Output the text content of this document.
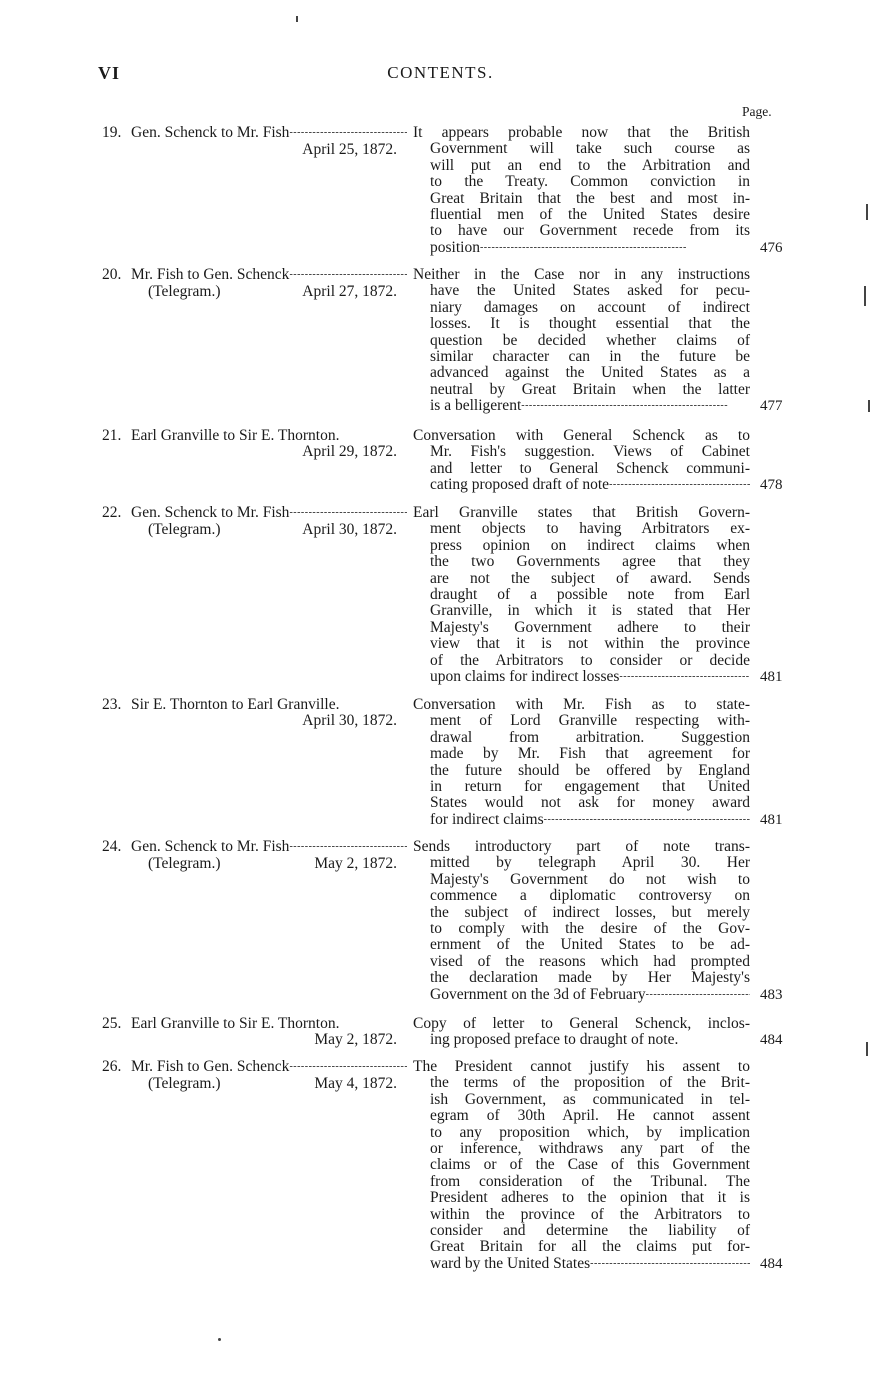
VI	CONTENTS.
Page.
19. Gen. Schenck to Mr. Fish
- - -
April 25, 1872.
It appears probable now that the British
Government will take such course as
will put an end to the Arbitration and
to the Treaty. Common conviction in
Great Britain that the best and most in-
fluential men of the United States desire
to have our Government recede from its
position - - -	476
20. Mr. Fish to Gen. Schenck
- - -
(Telegram.)	April 27, 1872.
Neither in the Case nor in any instructions
have the United States asked for pecu-
niary damages on account of indirect
losses. It is thought essential that the
question be decided whether claims of
similar character can in the future be
advanced against the United States as a
neutral by Great Britain when the latter
is a belligerent - - -	477
21. Earl Granville to Sir E. Thornton.
April 29, 1872.
Conversation with General Schenck as to
Mr. Fish's suggestion. Views of Cabinet
and letter to General Schenck communi-
cating proposed draft of note - - -	478
22. Gen. Schenck to Mr. Fish
- - -
(Telegram.)	April 30, 1872.
Earl Granville states that British Govern-
ment objects to having Arbitrators ex-
press opinion on indirect claims when
the two Governments agree that they
are not the subject of award. Sends
draught of a possible note from Earl
Granville, in which it is stated that Her
Majesty's Government adhere to their
view that it is not within the province
of the Arbitrators to consider or decide
upon claims for indirect losses - - -	481
23. Sir E. Thornton to Earl Granville.
April 30, 1872.
Conversation with Mr. Fish as to state-
ment of Lord Granville respecting with-
drawal from arbitration. Suggestion
made by Mr. Fish that agreement for
the future should be offered by England
in return for engagement that United
States would not ask for money award
for indirect claims - - -	481
24. Gen. Schenck to Mr. Fish
- - -
(Telegram.)	May 2, 1872.
Sends introductory part of note trans-
mitted by telegraph April 30. Her
Majesty's Government do not wish to
commence a diplomatic controversy on
the subject of indirect losses, but merely
to comply with the desire of the Gov-
ernment of the United States to be ad-
vised of the reasons which had prompted
the declaration made by Her Majesty's
Government on the 3d of February - - -	483
25. Earl Granville to Sir E. Thornton.
May 2, 1872.
Copy of letter to General Schenck, inclos-
ing proposed preface to draught of note.	484
26. Mr. Fish to Gen. Schenck
- - -
(Telegram.)	May 4, 1872.
The President cannot justify his assent to
the terms of the proposition of the Brit-
ish Government, as communicated in tel-
egram of 30th April. He cannot assent
to any proposition which, by implication
or inference, withdraws any part of the
claims or of the Case of this Government
from consideration of the Tribunal. The
President adheres to the opinion that it is
within the province of the Arbitrators to
consider and determine the liability of
Great Britain for all the claims put for-
ward by the United States - - -	484
